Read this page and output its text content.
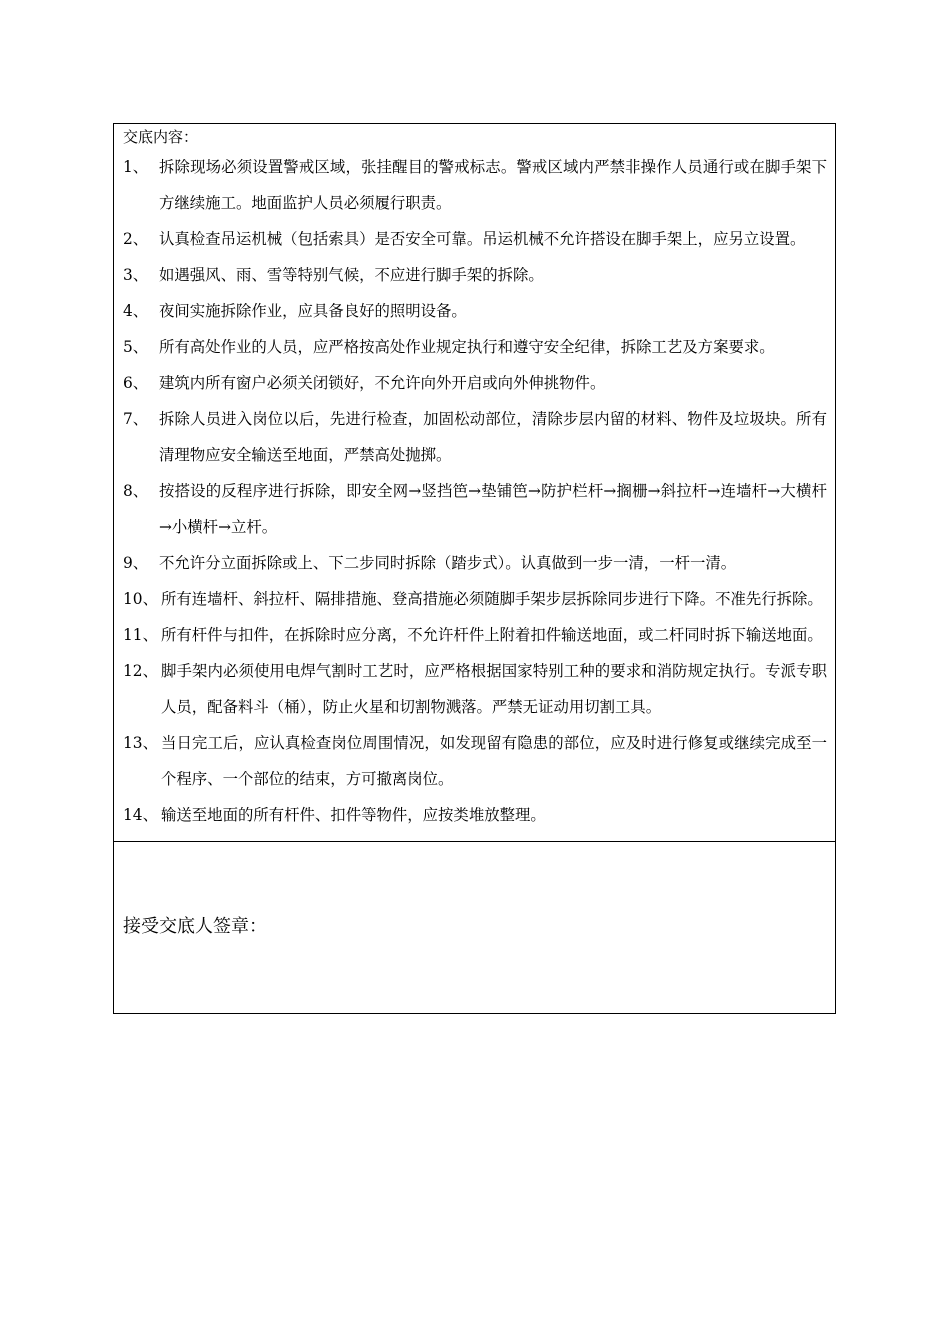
交底内容：
1、 拆除现场必须设置警戒区域，张挂醒目的警戒标志。警戒区域内严禁非操作人员通行或在脚手架下方继续施工。地面监护人员必须履行职责。
2、 认真检查吊运机械（包括索具）是否安全可靠。吊运机械不允许搭设在脚手架上，应另立设置。
3、 如遇强风、雨、雪等特别气候，不应进行脚手架的拆除。
4、 夜间实施拆除作业，应具备良好的照明设备。
5、 所有高处作业的人员，应严格按高处作业规定执行和遵守安全纪律，拆除工艺及方案要求。
6、 建筑内所有窗户必须关闭锁好，不允许向外开启或向外伸挑物件。
7、 拆除人员进入岗位以后，先进行检查，加固松动部位，清除步层内留的材料、物件及垃圾块。所有清理物应安全输送至地面，严禁高处抛掷。
8、 按搭设的反程序进行拆除，即安全网→竖挡笆→垫铺笆→防护栏杆→搁栅→斜拉杆→连墙杆→大横杆→小横杆→立杆。
9、 不允许分立面拆除或上、下二步同时拆除（踏步式）。认真做到一步一清，一杆一清。
10、 所有连墙杆、斜拉杆、隔排措施、登高措施必须随脚手架步层拆除同步进行下降。不准先行拆除。
11、 所有杆件与扣件，在拆除时应分离，不允许杆件上附着扣件输送地面，或二杆同时拆下输送地面。
12、 脚手架内必须使用电焊气割时工艺时，应严格根据国家特别工种的要求和消防规定执行。专派专职人员，配备料斗（桶），防止火星和切割物溅落。严禁无证动用切割工具。
13、 当日完工后，应认真检查岗位周围情况，如发现留有隐患的部位，应及时进行修复或继续完成至一个程序、一个部位的结束，方可撤离岗位。
14、 输送至地面的所有杆件、扣件等物件，应按类堆放整理。
接受交底人签章：
